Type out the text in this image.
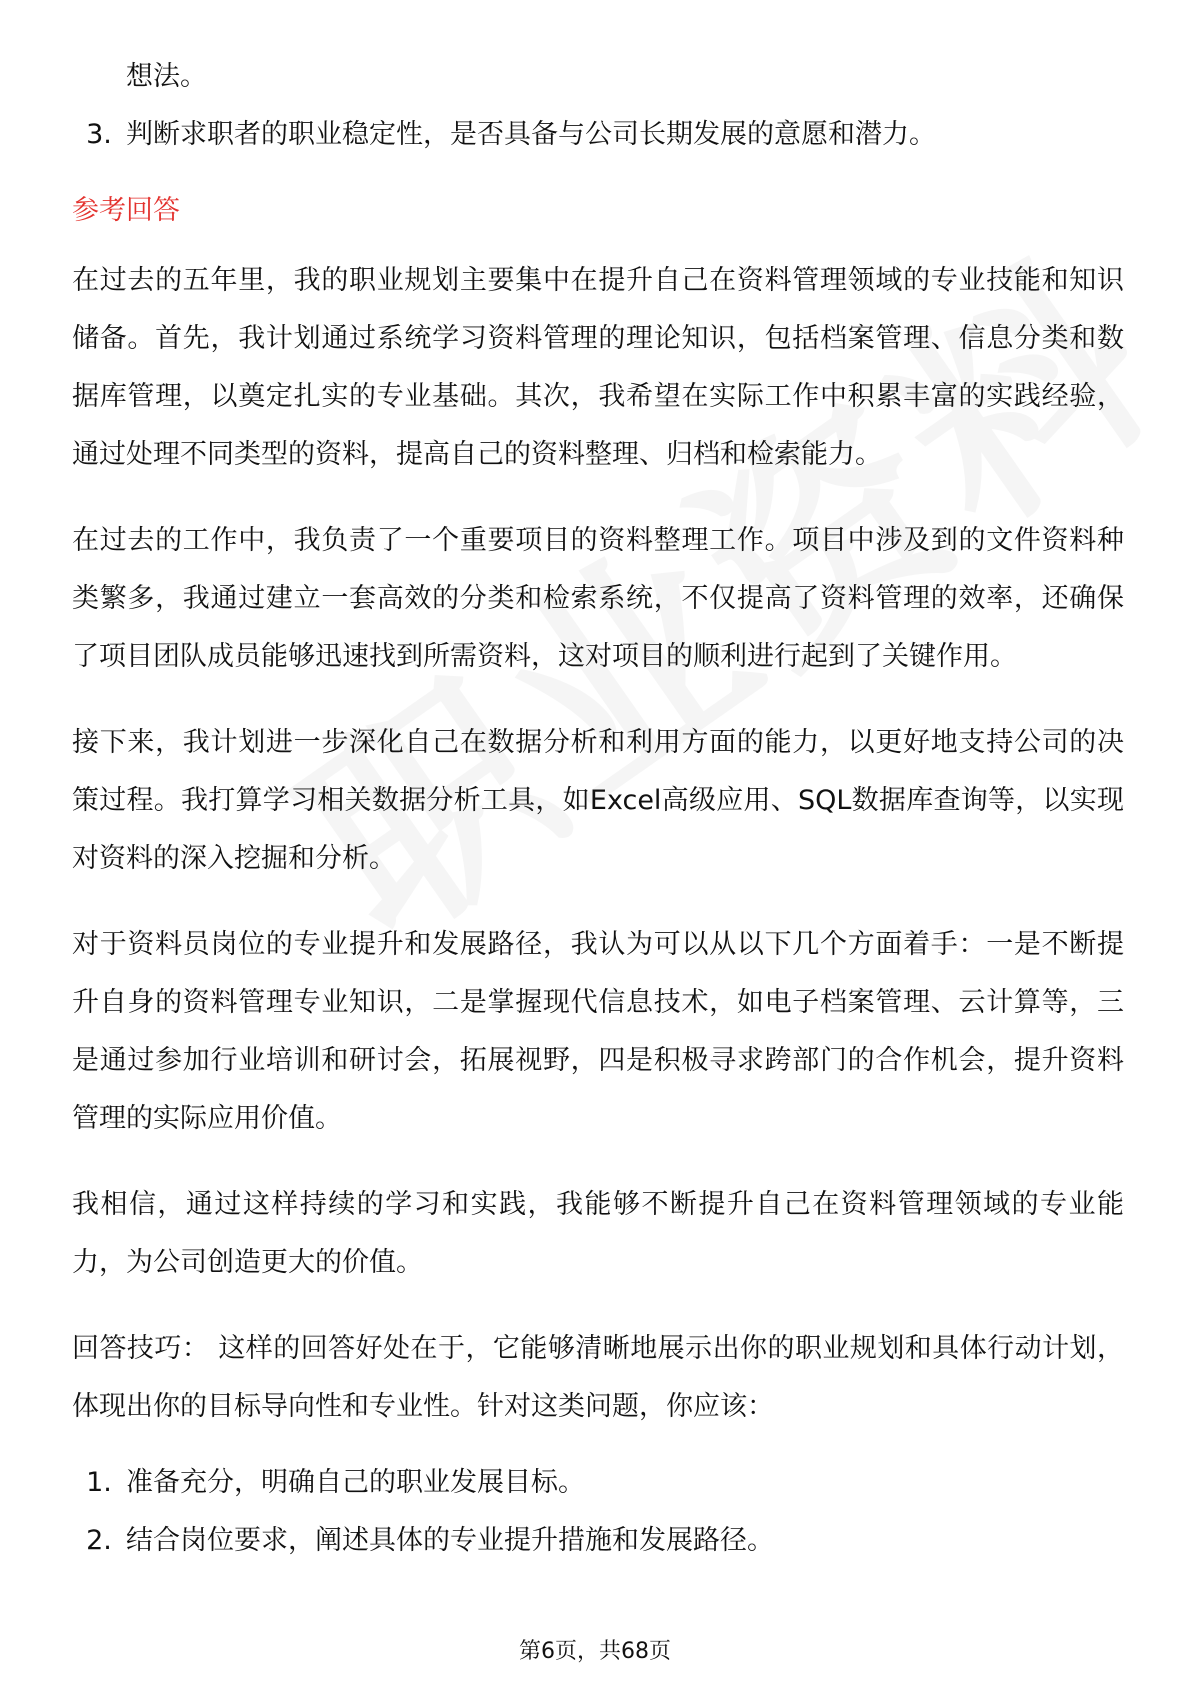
想法。

3. 判断求职者的职业稳定性，是否具备与公司长期发展的意愿和潜力。

参考回答

在过去的五年里，我的职业规划主要集中在提升自己在资料管理领域的专业技能和知识储备。首先，我计划通过系统学习资料管理的理论知识，包括档案管理、信息分类和数据库管理，以奠定扎实的专业基础。其次，我希望在实际工作中积累丰富的实践经验，通过处理不同类型的资料，提高自己的资料整理、归档和检索能力。

在过去的工作中，我负责了一个重要项目的资料整理工作。项目中涉及到的文件资料种类繁多，我通过建立一套高效的分类和检索系统，不仅提高了资料管理的效率，还确保了项目团队成员能够迅速找到所需资料，这对项目的顺利进行起到了关键作用。

接下来，我计划进一步深化自己在数据分析和利用方面的能力，以更好地支持公司的决策过程。我打算学习相关数据分析工具，如Excel高级应用、SQL数据库查询等，以实现对资料的深入挖掘和分析。

对于资料员岗位的专业提升和发展路径，我认为可以从以下几个方面着手：一是不断提升自身的资料管理专业知识，二是掌握现代信息技术，如电子档案管理、云计算等，三是通过参加行业培训和研讨会，拓展视野，四是积极寻求跨部门的合作机会，提升资料管理的实际应用价值。

我相信，通过这样持续的学习和实践，我能够不断提升自己在资料管理领域的专业能力，为公司创造更大的价值。

回答技巧： 这样的回答好处在于，它能够清晰地展示出你的职业规划和具体行动计划，体现出你的目标导向性和专业性。针对这类问题，你应该：

1. 准备充分，明确自己的职业发展目标。
2. 结合岗位要求，阐述具体的专业提升措施和发展路径。
第6页，共68页
